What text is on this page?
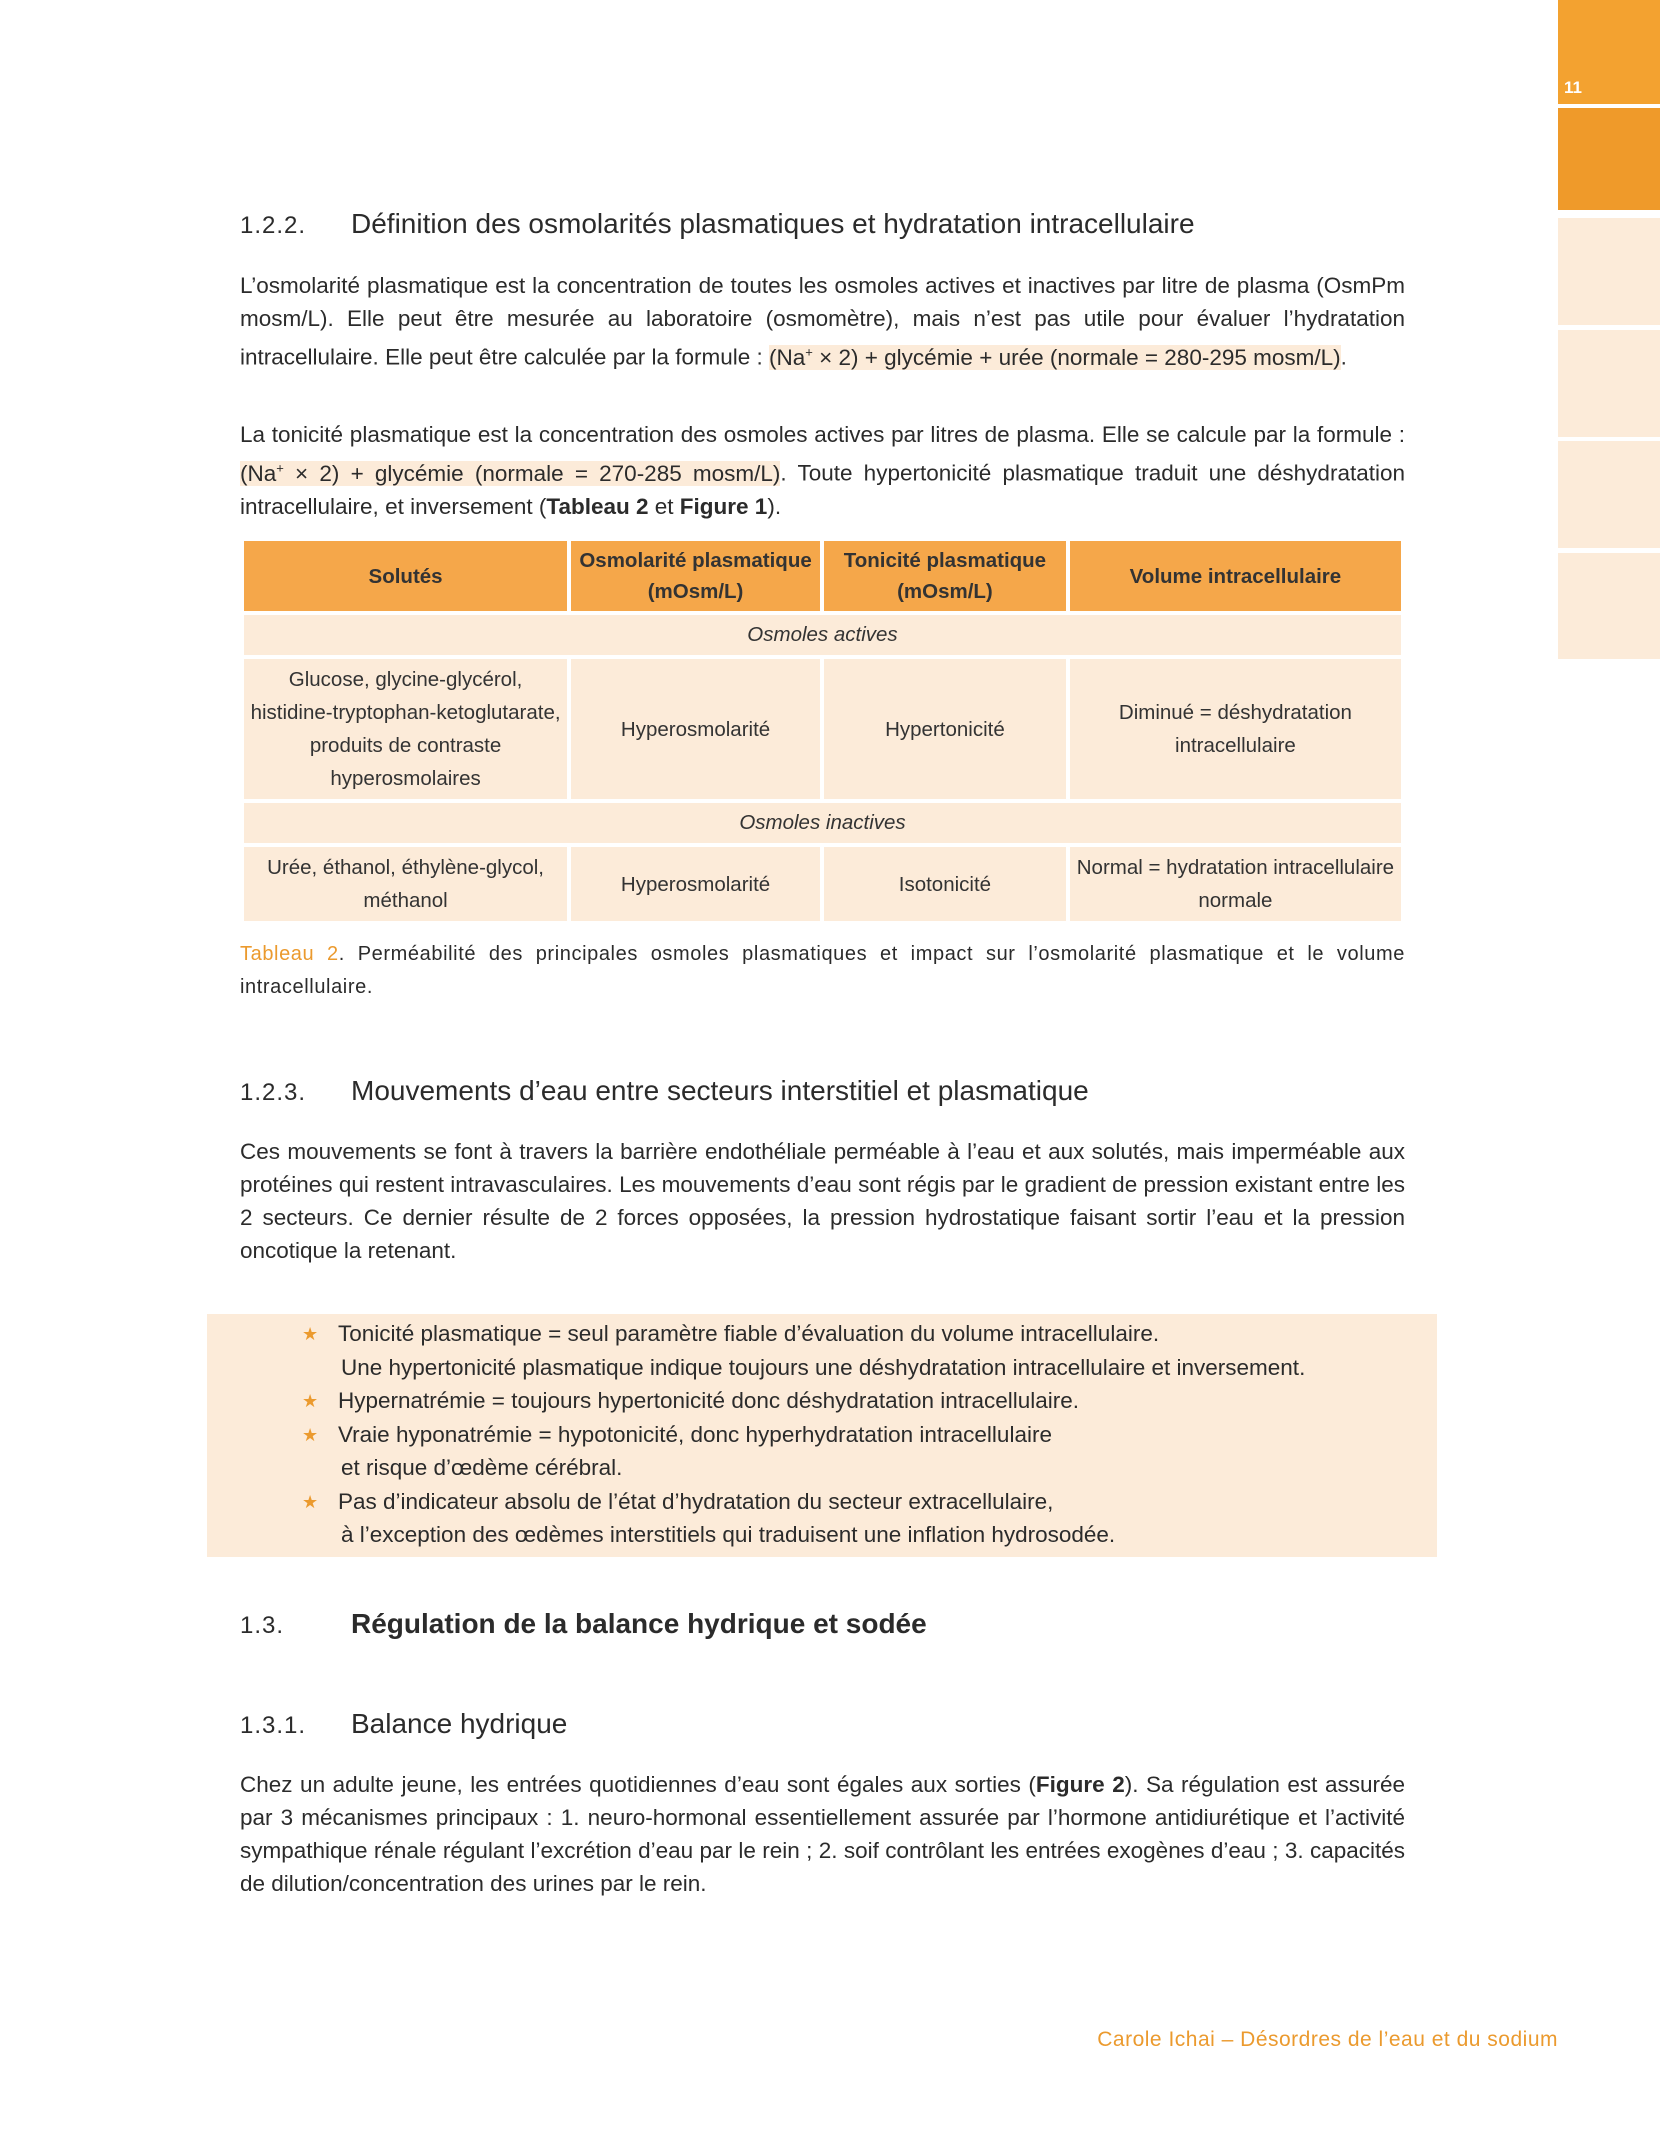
11
1.2.2. Définition des osmolarités plasmatiques et hydratation intracellulaire

L’osmolarité plasmatique est la concentration de toutes les osmoles actives et inactives par litre de plasma (OsmPm mosm/L). Elle peut être mesurée au laboratoire (osmomètre), mais n’est pas utile pour évaluer l’hydratation intracellulaire. Elle peut être calculée par la formule : (Na+ × 2) + glycémie + urée (normale = 280-295 mosm/L).

La tonicité plasmatique est la concentration des osmoles actives par litres de plasma. Elle se calcule par la formule : (Na+ × 2) + glycémie (normale = 270-285 mosm/L). Toute hypertonicité plasmatique traduit une déshydratation intracellulaire, et inversement (Tableau 2 et Figure 1).

Solutés	Osmolarité plasmatique (mOsm/L)	Tonicité plasmatique (mOsm/L)	Volume intracellulaire
Osmoles actives			
Glucose, glycine-glycérol, histidine-tryptophan-ketoglutarate, produits de contraste hyperosmolaires	Hyperosmolarité	Hypertonicité	Diminué = déshydratation intracellulaire
Osmoles inactives			
Urée, éthanol, éthylène-glycol, méthanol	Hyperosmolarité	Isotonicité	Normal = hydratation intracellulaire normale
Tableau 2. Perméabilité des principales osmoles plasmatiques et impact sur l’osmolarité plasmatique et le volume intracellulaire.
1.2.3. Mouvements d’eau entre secteurs interstitiel et plasmatique

Ces mouvements se font à travers la barrière endothéliale perméable à l’eau et aux solutés, mais imperméable aux protéines qui restent intravasculaires. Les mouvements d’eau sont régis par le gradient de pression existant entre les 2 secteurs. Ce dernier résulte de 2 forces opposées, la pression hydrostatique faisant sortir l’eau et la pression oncotique la retenant.

★ Tonicité plasmatique = seul paramètre fiable d’évaluation du volume intracellulaire.
Une hypertonicité plasmatique indique toujours une déshydratation intracellulaire et inversement.
★ Hypernatrémie = toujours hypertonicité donc déshydratation intracellulaire.
★ Vraie hyponatrémie = hypotonicité, donc hyperhydratation intracellulaire
et risque d’œdème cérébral.
★ Pas d’indicateur absolu de l’état d’hydratation du secteur extracellulaire,
à l’exception des œdèmes interstitiels qui traduisent une inflation hydrosodée.
1.3. Régulation de la balance hydrique et sodée
1.3.1. Balance hydrique

Chez un adulte jeune, les entrées quotidiennes d’eau sont égales aux sorties (Figure 2). Sa régulation est assurée par 3 mécanismes principaux : 1. neuro-hormonal essentiellement assurée par l’hormone antidiurétique et l’activité sympathique rénale régulant l’excrétion d’eau par le rein ; 2. soif contrôlant les entrées exogènes d’eau ; 3. capacités de dilution/concentration des urines par le rein.

Carole Ichai – Désordres de l’eau et du sodium
